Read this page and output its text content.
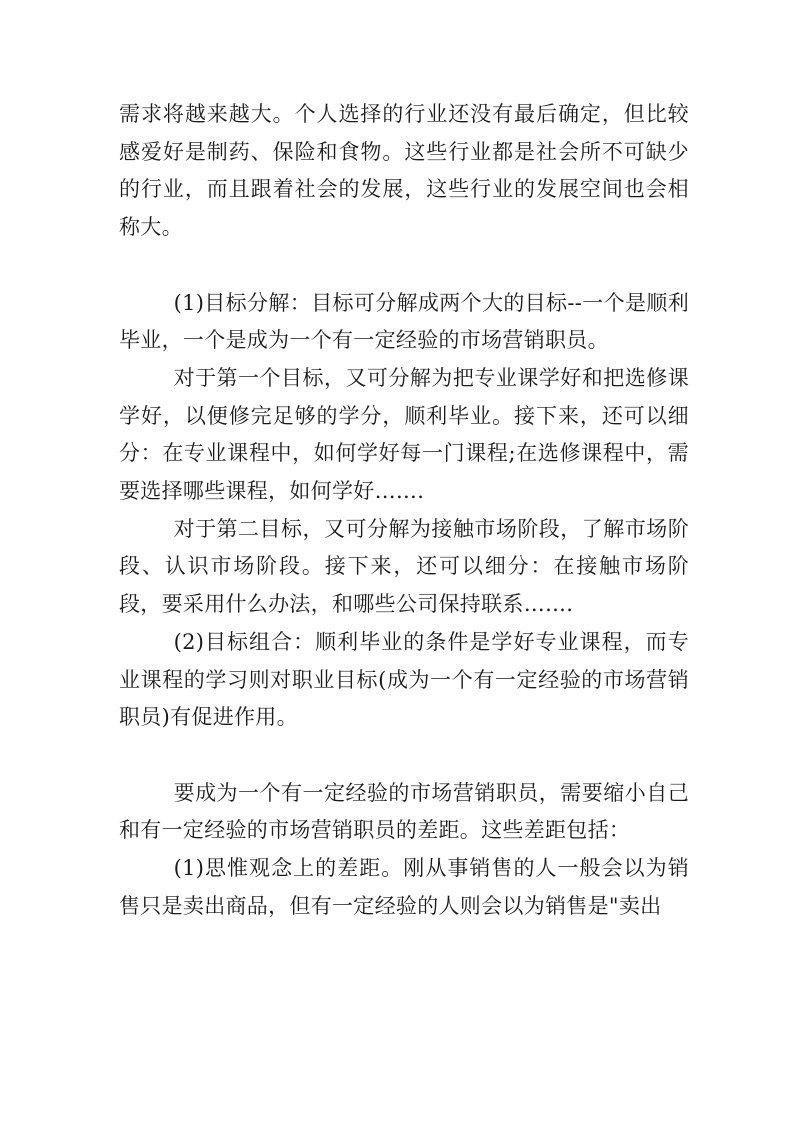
需求将越来越大。个人选择的行业还没有最后确定，但比较感爱好是制药、保险和食物。这些行业都是社会所不可缺少的行业，而且跟着社会的发展，这些行业的发展空间也会相称大。

(1)目标分解：目标可分解成两个大的目标--一个是顺利毕业，一个是成为一个有一定经验的市场营销职员。

对于第一个目标，又可分解为把专业课学好和把选修课学好，以便修完足够的学分，顺利毕业。接下来，还可以细分：在专业课程中，如何学好每一门课程;在选修课程中，需要选择哪些课程，如何学好…….

对于第二目标，又可分解为接触市场阶段，了解市场阶段、认识市场阶段。接下来，还可以细分：在接触市场阶段，要采用什么办法，和哪些公司保持联系…….

(2)目标组合：顺利毕业的条件是学好专业课程，而专业课程的学习则对职业目标(成为一个有一定经验的市场营销职员)有促进作用。

要成为一个有一定经验的市场营销职员，需要缩小自己和有一定经验的市场营销职员的差距。这些差距包括：

(1)思惟观念上的差距。刚从事销售的人一般会以为销售只是卖出商品，但有一定经验的人则会以为销售是"卖出

·
